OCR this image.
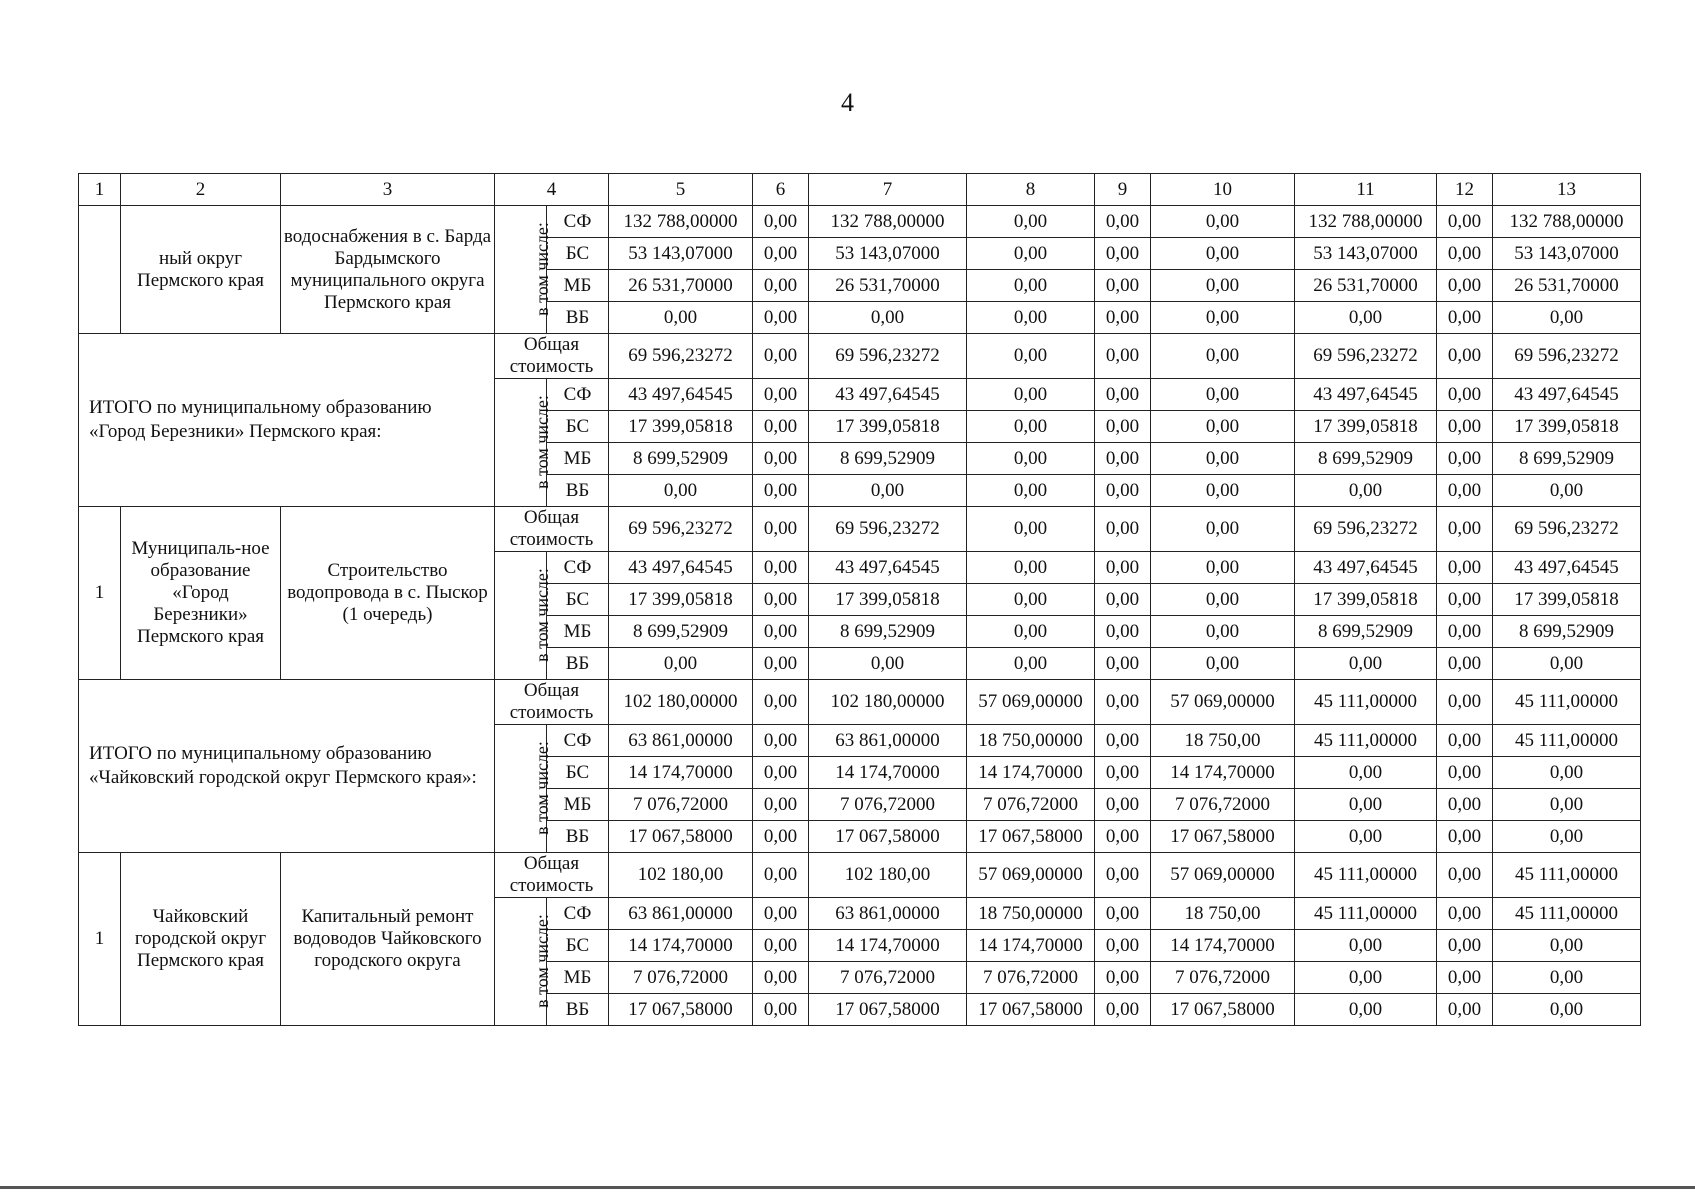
4
1	2	3	4		5	6	7	8	9	10	11	12	13
	ный округ Пермского края	водоснабжения в с. Барда Бардымского муниципального округа Пермского края	в том числе:	СФ	132 788,00000	0,00	132 788,00000	0,00	0,00	0,00	132 788,00000	0,00	132 788,00000
				БС	53 143,07000	0,00	53 143,07000	0,00	0,00	0,00	53 143,07000	0,00	53 143,07000
				МБ	26 531,70000	0,00	26 531,70000	0,00	0,00	0,00	26 531,70000	0,00	26 531,70000
				ВБ	0,00	0,00	0,00	0,00	0,00	0,00	0,00	0,00	0,00
ИТОГО по муниципальному образованию «Город Березники» Пермского края:			Общая стоимость		69 596,23272	0,00	69 596,23272	0,00	0,00	0,00	69 596,23272	0,00	69 596,23272
			в том числе:	СФ	43 497,64545	0,00	43 497,64545	0,00	0,00	0,00	43 497,64545	0,00	43 497,64545
				БС	17 399,05818	0,00	17 399,05818	0,00	0,00	0,00	17 399,05818	0,00	17 399,05818
				МБ	8 699,52909	0,00	8 699,52909	0,00	0,00	0,00	8 699,52909	0,00	8 699,52909
				ВБ	0,00	0,00	0,00	0,00	0,00	0,00	0,00	0,00	0,00
1	Муниципаль-ное образование «Город Березники» Пермского края	Строительство водопровода в с. Пыскор (1 очередь)	Общая стоимость		69 596,23272	0,00	69 596,23272	0,00	0,00	0,00	69 596,23272	0,00	69 596,23272
			в том числе:	СФ	43 497,64545	0,00	43 497,64545	0,00	0,00	0,00	43 497,64545	0,00	43 497,64545
				БС	17 399,05818	0,00	17 399,05818	0,00	0,00	0,00	17 399,05818	0,00	17 399,05818
				МБ	8 699,52909	0,00	8 699,52909	0,00	0,00	0,00	8 699,52909	0,00	8 699,52909
				ВБ	0,00	0,00	0,00	0,00	0,00	0,00	0,00	0,00	0,00
ИТОГО по муниципальному образованию «Чайковский городской округ Пермского края»:			Общая стоимость		102 180,00000	0,00	102 180,00000	57 069,00000	0,00	57 069,00000	45 111,00000	0,00	45 111,00000
			в том числе:	СФ	63 861,00000	0,00	63 861,00000	18 750,00000	0,00	18 750,00	45 111,00000	0,00	45 111,00000
				БС	14 174,70000	0,00	14 174,70000	14 174,70000	0,00	14 174,70000	0,00	0,00	0,00
				МБ	7 076,72000	0,00	7 076,72000	7 076,72000	0,00	7 076,72000	0,00	0,00	0,00
				ВБ	17 067,58000	0,00	17 067,58000	17 067,58000	0,00	17 067,58000	0,00	0,00	0,00
1	Чайковский городской округ Пермского края	Капитальный ремонт водоводов Чайковского городского округа	Общая стоимость		102 180,00	0,00	102 180,00	57 069,00000	0,00	57 069,00000	45 111,00000	0,00	45 111,00000
			в том числе:	СФ	63 861,00000	0,00	63 861,00000	18 750,00000	0,00	18 750,00	45 111,00000	0,00	45 111,00000
				БС	14 174,70000	0,00	14 174,70000	14 174,70000	0,00	14 174,70000	0,00	0,00	0,00
				МБ	7 076,72000	0,00	7 076,72000	7 076,72000	0,00	7 076,72000	0,00	0,00	0,00
				ВБ	17 067,58000	0,00	17 067,58000	17 067,58000	0,00	17 067,58000	0,00	0,00	0,00
